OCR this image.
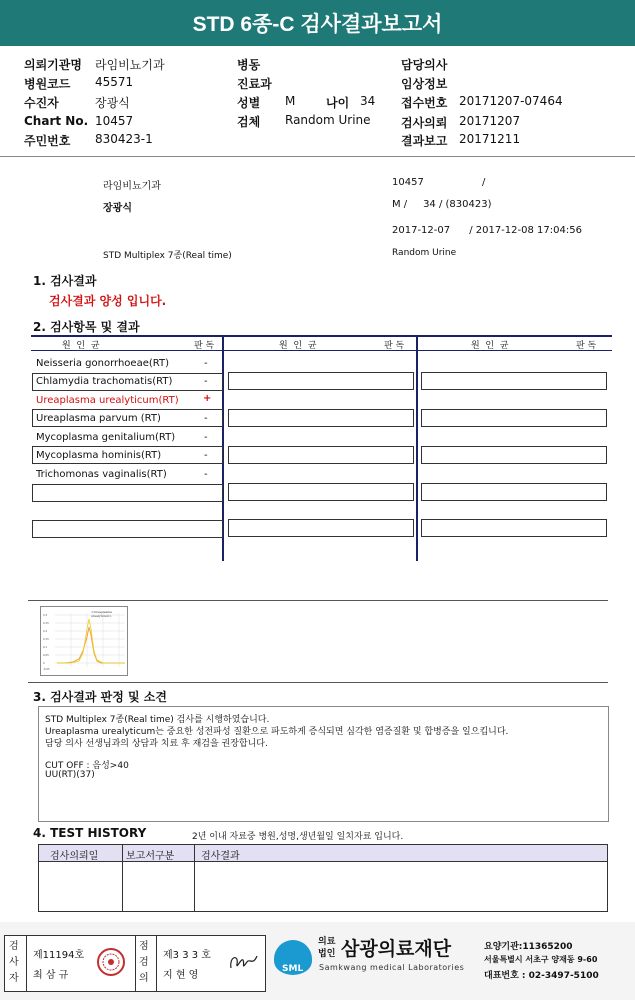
STD 6종-C 검사결과보고서
의뢰기관명 라임비뇨기과
병원코드 45571
수진자	장광식
Chart No. 10457
주민번호 830423-1
병동
진료과
성별 M	나이 34
검체 Random Urine
담당의사
임상정보
접수번호 20171207-07464
검사의뢰 20171207
결과보고 20171211
라임비뇨기과	10457	/
장광식	M /     34 / (830423)
2017-12-07      / 2017-12-08 17:04:56
STD Multiplex 7종(Real time)	Random Urine
1. 검사결과
검사결과 양성 입니다.
2. 검사항목 및 결과
원  인  균	판 독	원  인  균	판 독	원  인  균	판 독
Neisseria gonorrhoeae(RT)	-
Chlamydia trachomatis(RT)	-
Ureaplasma urealyticum(RT) +
Ureaplasma parvum (RT)	-
Mycoplasma genitalium(RT)	-
Mycoplasma hominis(RT)	-
Trichomonas vaginalis(RT)	-
0.3
0.25
0.2
0.15
0.1
0.05
0
-0.05
<Ureaplasma
urealyticum>
3. 검사결과 판정 및 소견
STD Multiplex 7종(Real time) 검사를 시행하였습니다.
Ureaplasma urealyticum는 중요한 성전파성 질환으로 파도하게 증식되면 심각한 염증질환 및 합병증을 일으킵니다.
담당 의사 선생님과의 상담과 치료 후 재검을 권장합니다.
CUT OFF : 음성>40
UU(RT)(37)
4. TEST HISTORY	2년 이내 자료중 병원,성명,생년월일 일치자료 입니다.
검사의뢰일	보고서구분	검사결과
검사자
제11194호
최 삼 규
점검의
제3 3 3 호
지 현 영
SML
의료
법인 삼광의료재단
Samkwang medical Laboratories
요양기관:11365200
서울특별시 서초구 양재동 9-60
대표번호 : 02-3497-5100
